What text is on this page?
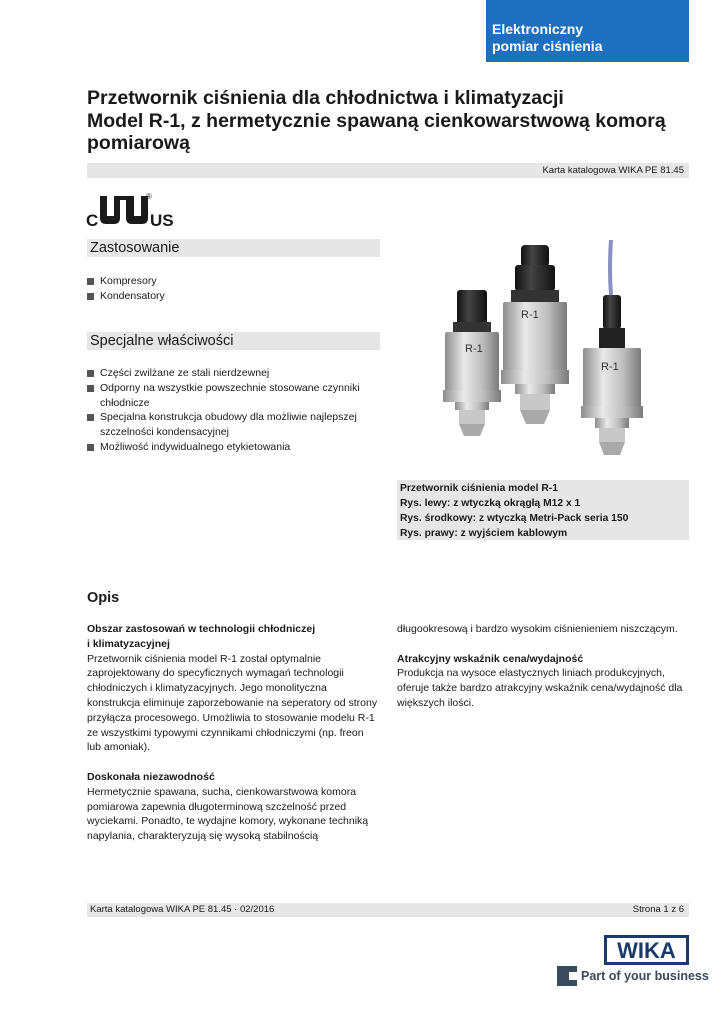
Elektroniczny
pomiar ciśnienia
Przetwornik ciśnienia dla chłodnictwa i klimatyzacji
Model R-1, z hermetycznie spawaną cienkowarstwową komorą
pomiarową
Karta katalogowa WIKA PE 81.45
C	US
®
Zastosowanie
Kompresory
Kondensatory
Specjalne właściwości
Części zwilżane ze stali nierdzewnej
Odporny na wszystkie powszechnie stosowane czynniki chłodnicze
Specjalna konstrukcja obudowy dla możliwie najlepszej szczelności kondensacyjnej
Możliwość indywidualnego etykietowania
R-1
R-1
R-1
Przetwornik ciśnienia model R-1
Rys. lewy: z wtyczką okrągłą M12 x 1
Rys. środkowy: z wtyczką Metri-Pack seria 150
Rys. prawy: z wyjściem kablowym
Opis

Obszar zastosowań w technologii chłodniczej
i klimatyzacyjnej
Przetwornik ciśnienia model R-1 został optymalnie zaprojektowany do specyficznych wymagań technologii chłodniczych i klimatyzacyjnych. Jego monolityczna konstrukcja eliminuje zaporzebowanie na seperatory od strony przyłącza procesowego. Umożliwia to stosowanie modelu R-1 ze wszystkimi typowymi czynnikami chłodniczymi (np. freon lub amoniak).

Doskonała niezawodność
Hermetycznie spawana, sucha, cienkowarstwowa komora pomiarowa zapewnia długoterminową szczelność przed wyciekami. Ponadto, te wydajne komory, wykonane techniką napylania, charakteryzują się wysoką stabilnością

długookresową i bardzo wysokim ciśnienieniem niszczącym.

Atrakcyjny wskaźnik cena/wydajność
Produkcja na wysoce elastycznych liniach produkcyjnych, oferuje także bardzo atrakcyjny wskaźnik cena/wydajność dla większych ilości.

Karta katalogowa WIKA PE 81.45 · 02/2016	Strona 1 z 6
WIKA
Part of your business
